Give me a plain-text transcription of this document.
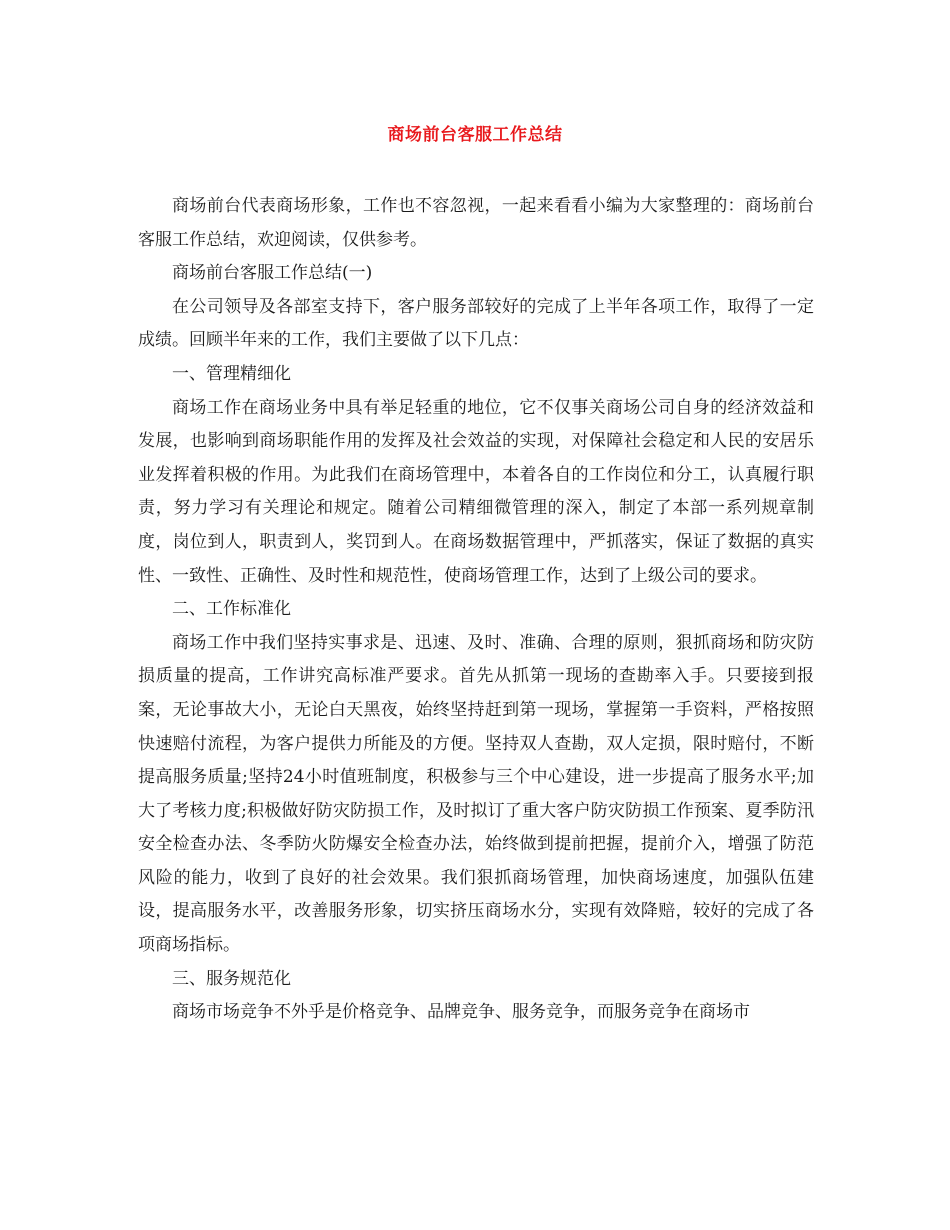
商场前台客服工作总结

商场前台代表商场形象，工作也不容忽视，一起来看看小编为大家整理的：商场前台客服工作总结，欢迎阅读，仅供参考。

商场前台客服工作总结(一)

在公司领导及各部室支持下，客户服务部较好的完成了上半年各项工作，取得了一定成绩。回顾半年来的工作，我们主要做了以下几点：

一、管理精细化

商场工作在商场业务中具有举足轻重的地位，它不仅事关商场公司自身的经济效益和发展，也影响到商场职能作用的发挥及社会效益的实现，对保障社会稳定和人民的安居乐业发挥着积极的作用。为此我们在商场管理中，本着各自的工作岗位和分工，认真履行职责，努力学习有关理论和规定。随着公司精细微管理的深入，制定了本部一系列规章制度，岗位到人，职责到人，奖罚到人。在商场数据管理中，严抓落实，保证了数据的真实性、一致性、正确性、及时性和规范性，使商场管理工作，达到了上级公司的要求。

二、工作标准化

商场工作中我们坚持实事求是、迅速、及时、准确、合理的原则，狠抓商场和防灾防损质量的提高，工作讲究高标准严要求。首先从抓第一现场的查勘率入手。只要接到报案，无论事故大小，无论白天黑夜，始终坚持赶到第一现场，掌握第一手资料，严格按照快速赔付流程，为客户提供力所能及的方便。坚持双人查勘，双人定损，限时赔付，不断提高服务质量;坚持24小时值班制度，积极参与三个中心建设，进一步提高了服务水平;加大了考核力度;积极做好防灾防损工作，及时拟订了重大客户防灾防损工作预案、夏季防汛安全检查办法、冬季防火防爆安全检查办法，始终做到提前把握，提前介入，增强了防范风险的能力，收到了良好的社会效果。我们狠抓商场管理，加快商场速度，加强队伍建设，提高服务水平，改善服务形象，切实挤压商场水分，实现有效降赔，较好的完成了各项商场指标。

三、服务规范化

商场市场竞争不外乎是价格竞争、品牌竞争、服务竞争，而服务竞争在商场市
